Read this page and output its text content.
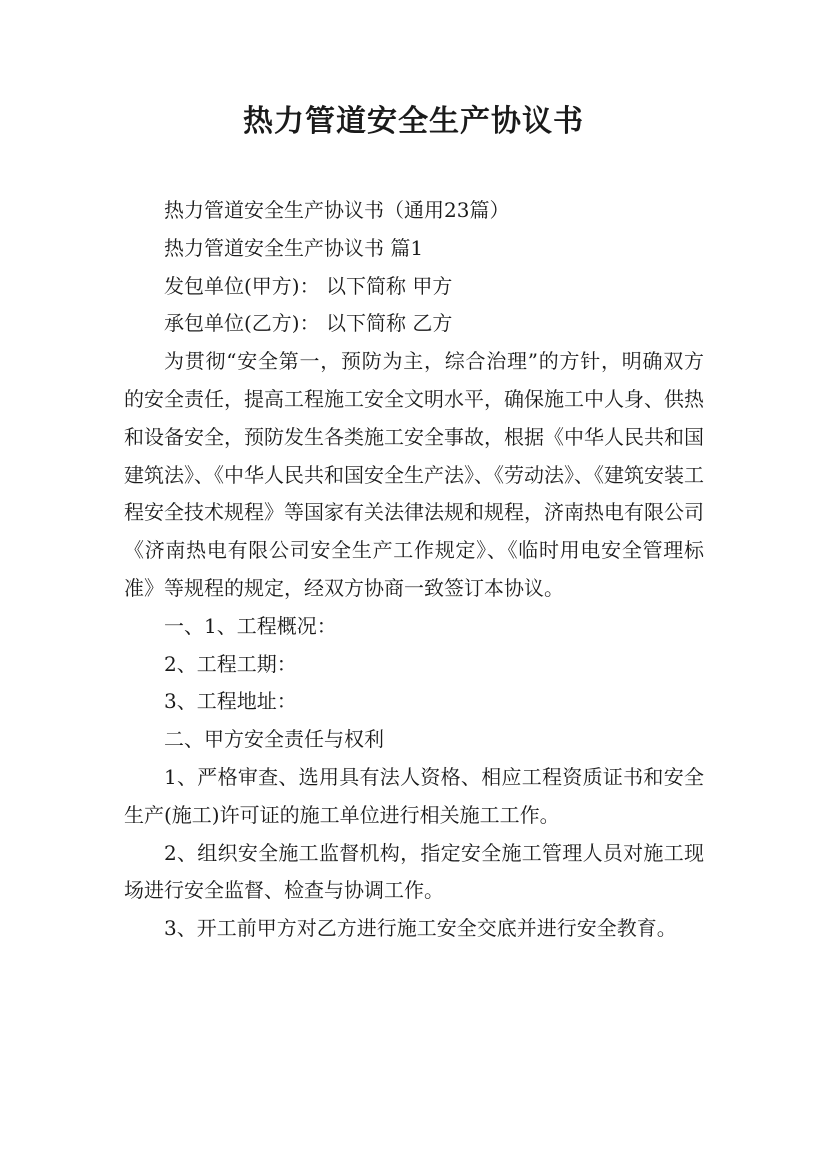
热力管道安全生产协议书

热力管道安全生产协议书（通用23篇）

热力管道安全生产协议书 篇1

发包单位(甲方)： 以下简称 甲方

承包单位(乙方)： 以下简称 乙方

为贯彻“安全第一，预防为主，综合治理”的方针，明确双方的安全责任，提高工程施工安全文明水平，确保施工中人身、供热和设备安全，预防发生各类施工安全事故，根据《中华人民共和国建筑法》、《中华人民共和国安全生产法》、《劳动法》、《建筑安装工程安全技术规程》等国家有关法律法规和规程，济南热电有限公司《济南热电有限公司安全生产工作规定》、《临时用电安全管理标准》等规程的规定，经双方协商一致签订本协议。

一、1、工程概况：

2、工程工期：

3、工程地址：

二、甲方安全责任与权利

1、严格审查、选用具有法人资格、相应工程资质证书和安全生产(施工)许可证的施工单位进行相关施工工作。

2、组织安全施工监督机构，指定安全施工管理人员对施工现场进行安全监督、检查与协调工作。

3、开工前甲方对乙方进行施工安全交底并进行安全教育。
